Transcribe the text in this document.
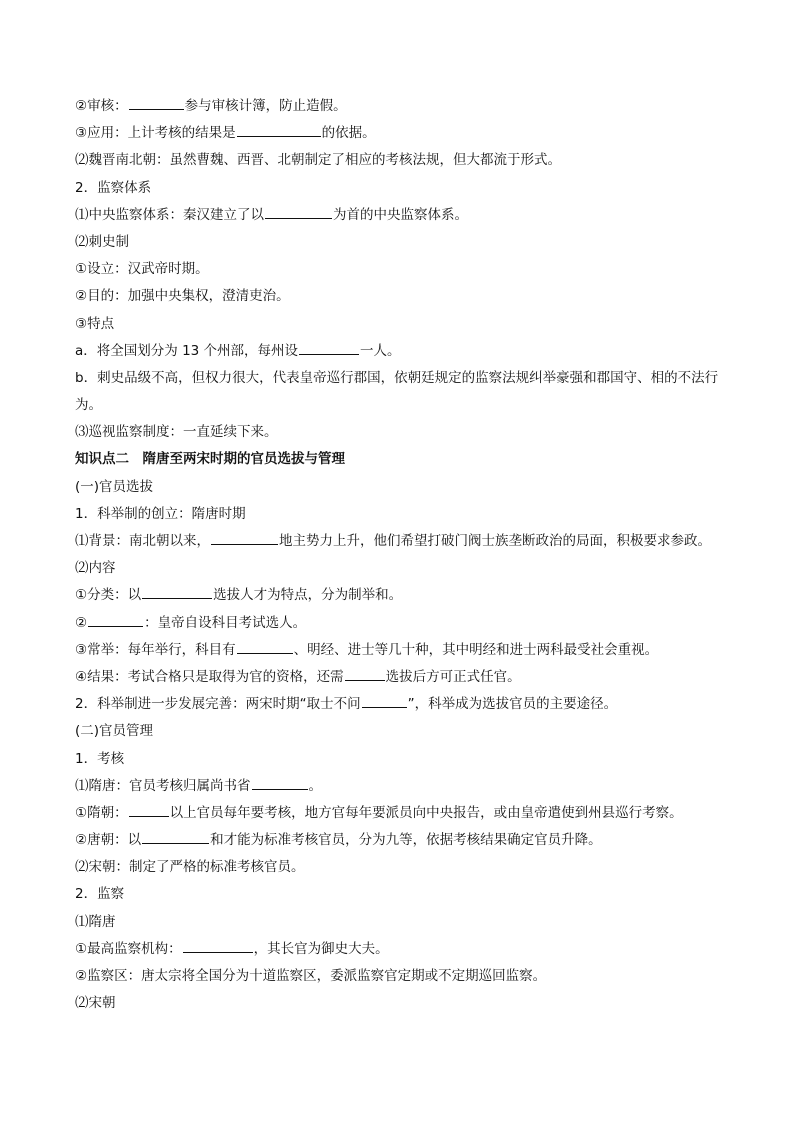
②审核：	参与审核计簿，防止造假。
③应用：上计考核的结果是	的依据。
⑵魏晋南北朝：虽然曹魏、西晋、北朝制定了相应的考核法规，但大都流于形式。
2．监察体系
⑴中央监察体系：秦汉建立了以	为首的中央监察体系。
⑵刺史制
①设立：汉武帝时期。
②目的：加强中央集权，澄清吏治。
③特点
a．将全国划分为 13 个州部，每州设	一人。
b．刺史品级不高，但权力很大，代表皇帝巡行郡国，依朝廷规定的监察法规纠举豪强和郡国守、相的不法行为。
⑶巡视监察制度：一直延续下来。
知识点二　隋唐至两宋时期的官员选拔与管理
(一)官员选拔
1．科举制的创立：隋唐时期
⑴背景：南北朝以来，	地主势力上升，他们希望打破门阀士族垄断政治的局面，积极要求参政。
⑵内容
①分类：以	选拔人才为特点，分为制举和。
②	：皇帝自设科目考试选人。
③常举：每年举行，科目有	、明经、进士等几十种，其中明经和进士两科最受社会重视。
④结果：考试合格只是取得为官的资格，还需	选拔后方可正式任官。
2．科举制进一步发展完善：两宋时期“取士不问	”，科举成为选拔官员的主要途径。
(二)官员管理
1．考核
⑴隋唐：官员考核归属尚书省	。
①隋朝：	以上官员每年要考核，地方官每年要派员向中央报告，或由皇帝遣使到州县巡行考察。
②唐朝：以	和才能为标准考核官员，分为九等，依据考核结果确定官员升降。
⑵宋朝：制定了严格的标准考核官员。
2．监察
⑴隋唐
①最高监察机构：	，其长官为御史大夫。
②监察区：唐太宗将全国分为十道监察区，委派监察官定期或不定期巡回监察。
⑵宋朝
